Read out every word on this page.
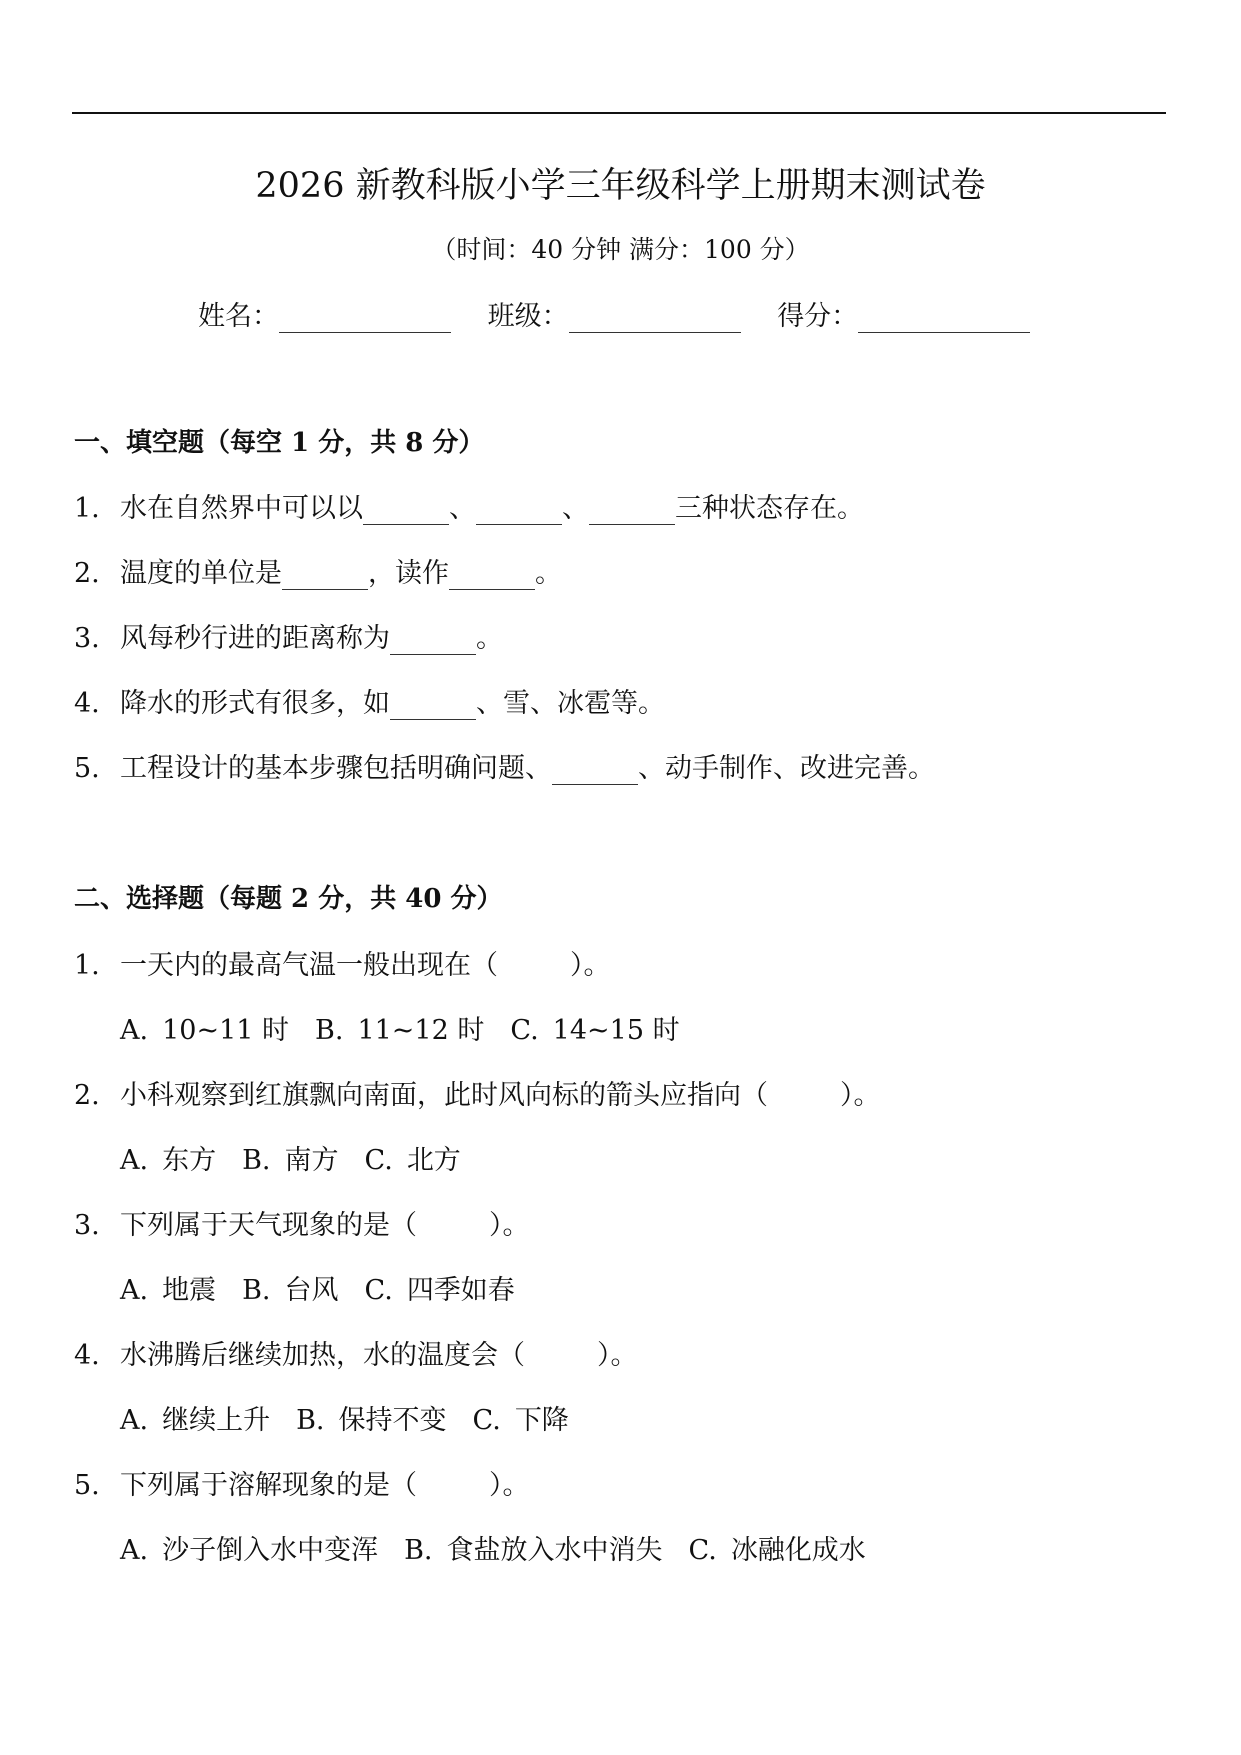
2026 新教科版小学三年级科学上册期末测试卷
（时间：40 分钟 满分：100 分）
姓名：	班级：	得分：
一、填空题（每空 1 分，共 8 分）
1. 水在自然界中可以以	、	、	三种状态存在。
2. 温度的单位是	，读作	。
3. 风每秒行进的距离称为	。
4. 降水的形式有很多，如	、雪、冰雹等。
5. 工程设计的基本步骤包括明确问题、	、动手制作、改进完善。
二、选择题（每题 2 分，共 40 分）
1. 一天内的最高气温一般出现在（	）。
A. 10~11 时 B. 11~12 时 C. 14~15 时
2. 小科观察到红旗飘向南面，此时风向标的箭头应指向（	）。
A. 东方 B. 南方 C. 北方
3. 下列属于天气现象的是（	）。
A. 地震 B. 台风 C. 四季如春
4. 水沸腾后继续加热，水的温度会（	）。
A. 继续上升 B. 保持不变 C. 下降
5. 下列属于溶解现象的是（	）。
A. 沙子倒入水中变浑 B. 食盐放入水中消失 C. 冰融化成水
